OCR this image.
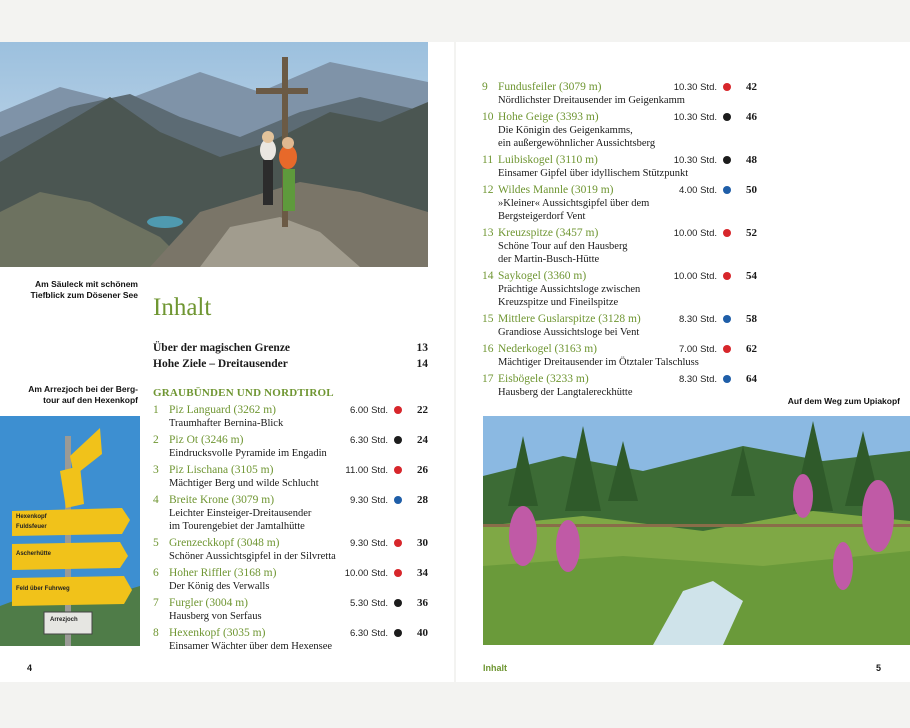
Am Säuleck mit schönem
Tiefblick zum Dösener See
Am Arrezjoch bei der Berg-
tour auf den Hexenkopf
Hexenkopf
Fuldsfeuer
Ascherhütte
Feld über Fuhrweg
Arrezjoch
Inhalt
Über der magischen Grenze	13
Hohe Ziele – Dreitausender	14
GRAUBÜNDEN UND NORDTIROL
1 Piz Languard (3262 m)	6.00 Std.	22
Traumhafter Bernina-Blick
2 Piz Ot (3246 m)	6.30 Std.	24
Eindrucksvolle Pyramide im Engadin
3 Piz Lischana (3105 m)	11.00 Std.	26
Mächtiger Berg und wilde Schlucht
4 Breite Krone (3079 m)	9.30 Std.	28
Leichter Einsteiger-Dreitausender
im Tourengebiet der Jamtalhütte
5 Grenzeckkopf (3048 m)	9.30 Std.	30
Schöner Aussichtsgipfel in der Silvretta
6 Hoher Riffler (3168 m)	10.00 Std.	34
Der König des Verwalls
7 Furgler (3004 m)	5.30 Std.	36
Hausberg von Serfaus
8 Hexenkopf (3035 m)	6.30 Std.	40
Einsamer Wächter über dem Hexensee
4
9 Fundusfeiler (3079 m)	10.30 Std.	42
Nördlichster Dreitausender im Geigenkamm
10 Hohe Geige (3393 m)	10.30 Std.	46
Die Königin des Geigenkamms,
ein außergewöhnlicher Aussichtsberg
11 Luibiskogel (3110 m)	10.30 Std.	48
Einsamer Gipfel über idyllischem Stützpunkt
12 Wildes Mannle (3019 m)	4.00 Std.	50
»Kleiner« Aussichtsgipfel über dem
Bergsteigerdorf Vent
13 Kreuzspitze (3457 m)	10.00 Std.	52
Schöne Tour auf den Hausberg
der Martin-Busch-Hütte
14 Saykogel (3360 m)	10.00 Std.	54
Prächtige Aussichtsloge zwischen
Kreuzspitze und Fineilspitze
15 Mittlere Guslarspitze (3128 m)	8.30 Std.	58
Grandiose Aussichtsloge bei Vent
16 Nederkogel (3163 m)	7.00 Std.	62
Mächtiger Dreitausender im Ötztaler Talschluss
17 Eisbögele (3233 m)	8.30 Std.	64
Hausberg der Langtalereckhütte
Auf dem Weg zum Upiakopf
Inhalt	5
